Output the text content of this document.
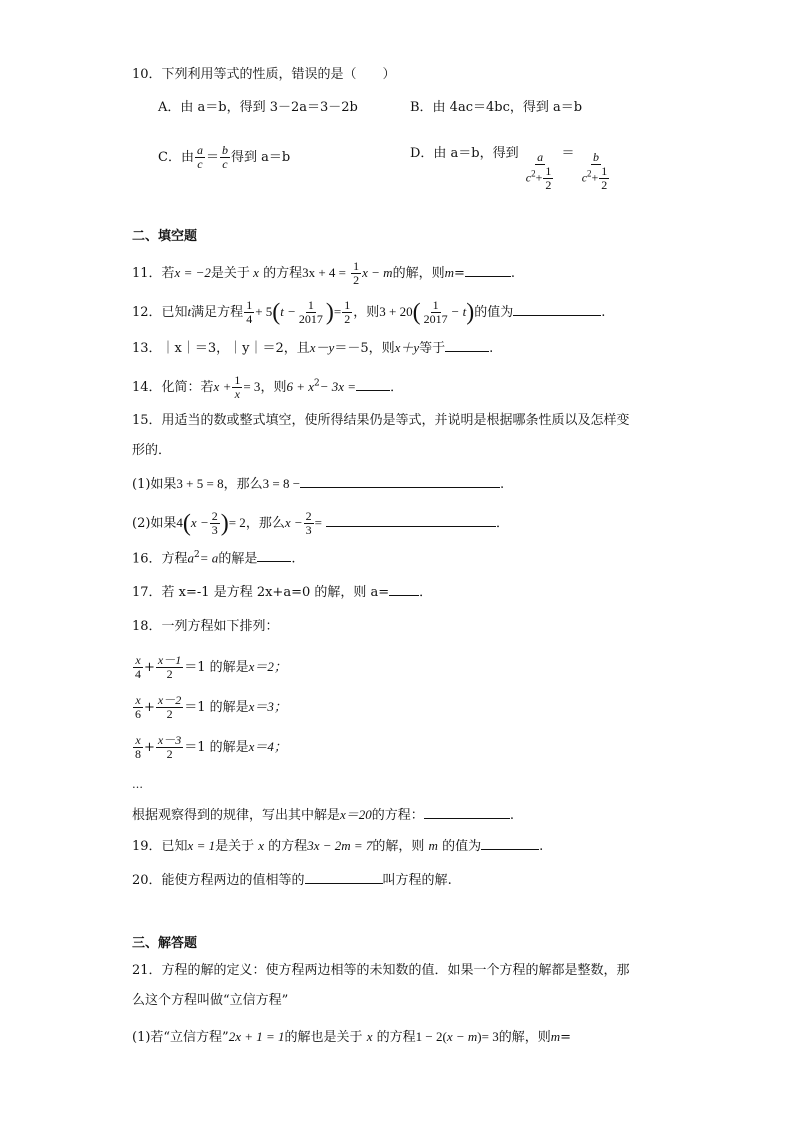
10．下列利用等式的性质，错误的是（　　）
A．由 a＝b，得到 3－2a＝3－2b	B．由 4ac＝4bc，得到 a＝b
C．由 $\frac{a}{c} = \frac{b}{c}$ 得到 a＝b	D．由 a＝b，得到 $\frac{a}{c^2+ \frac{1}{2}} = \frac{b}{c^2+ \frac{1}{2}}$
二、填空题
11．若x = −2是关于 x 的方程$3x + 4 = \frac{1}{2}$ x − m的解，则m=	.
12．已知t满足方程 $\frac{1}{4} + 5(t - \frac{1}{2017}$ )= $\frac{1}{2}$ ，则$3 + 20( \frac{1}{2017} - t)$的值为	.
13．｜x｜＝3，｜y｜＝2，且x－y＝－5，则x＋y等于	.
14．化简：若$x + \frac{1}{x} = 3$，则$6 + x^2- 3x$ =	．
15．用适当的数或整式填空，使所得结果仍是等式，并说明是根据哪条性质以及怎样变
形的．
(1)如果3 + 5 = 8，那么3 = 8 −	.
(2)如果$4(x - \frac{2}{3}$ )= 2，那么$x - \frac{2}{3}$ =	．
16．方程$a^2= a$的解是	.
17．若 x=-1 是方程 2x+a=0 的解，则 a= ．
18．一列方程如下排列：
$\frac{x}{4} + \frac{x-1}{2} =1$ 的解是x＝2；
$\frac{x}{6} + \frac{x-2}{2} =1$ 的解是x＝3；
$\frac{x}{8} + \frac{x-3}{2} =1$ 的解是x＝4；
…
根据观察得到的规律，写出其中解是x＝20的方程：	.
19．已知x = 1是关于 x 的方程3x − 2m = 7的解，则 m 的值为	.
20．能使方程两边的值相等的	叫方程的解.
三、解答题
21．方程的解的定义：使方程两边相等的未知数的值．如果一个方程的解都是整数，那
么这个方程叫做“立信方程”
(1)若“立信方程”2x + 1 = 1的解也是关于 x 的方程1 − 2(x − m)= 3的解，则m=
